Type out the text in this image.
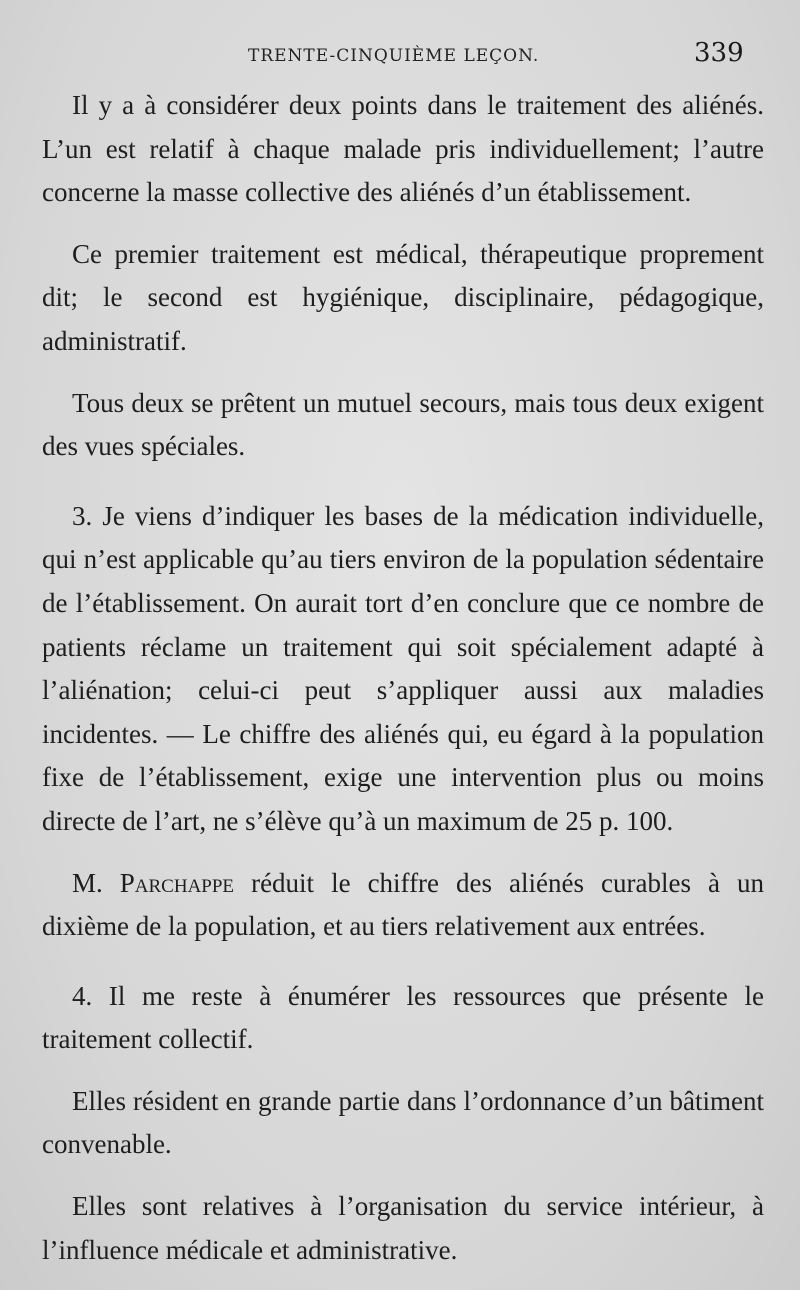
TRENTE-CINQUIÈME LEÇON.	339

Il y a à considérer deux points dans le traitement des aliénés. L’un est relatif à chaque malade pris individuellement; l’autre concerne la masse collective des aliénés d’un établissement.

Ce premier traitement est médical, thérapeutique proprement dit; le second est hygiénique, disciplinaire, pédagogique, administratif.

Tous deux se prêtent un mutuel secours, mais tous deux exigent des vues spéciales.

3. Je viens d’indiquer les bases de la médication individuelle, qui n’est applicable qu’au tiers environ de la population sédentaire de l’établissement. On aurait tort d’en conclure que ce nombre de patients réclame un traitement qui soit spécialement adapté à l’aliénation; celui-ci peut s’appliquer aussi aux maladies incidentes. — Le chiffre des aliénés qui, eu égard à la population fixe de l’établissement, exige une intervention plus ou moins directe de l’art, ne s’élève qu’à un maximum de 25 p. 100.

M. Parchappe réduit le chiffre des aliénés curables à un dixième de la population, et au tiers relativement aux entrées.

4. Il me reste à énumérer les ressources que présente le traitement collectif.

Elles résident en grande partie dans l’ordonnance d’un bâtiment convenable.

Elles sont relatives à l’organisation du service intérieur, à l’influence médicale et administrative.
